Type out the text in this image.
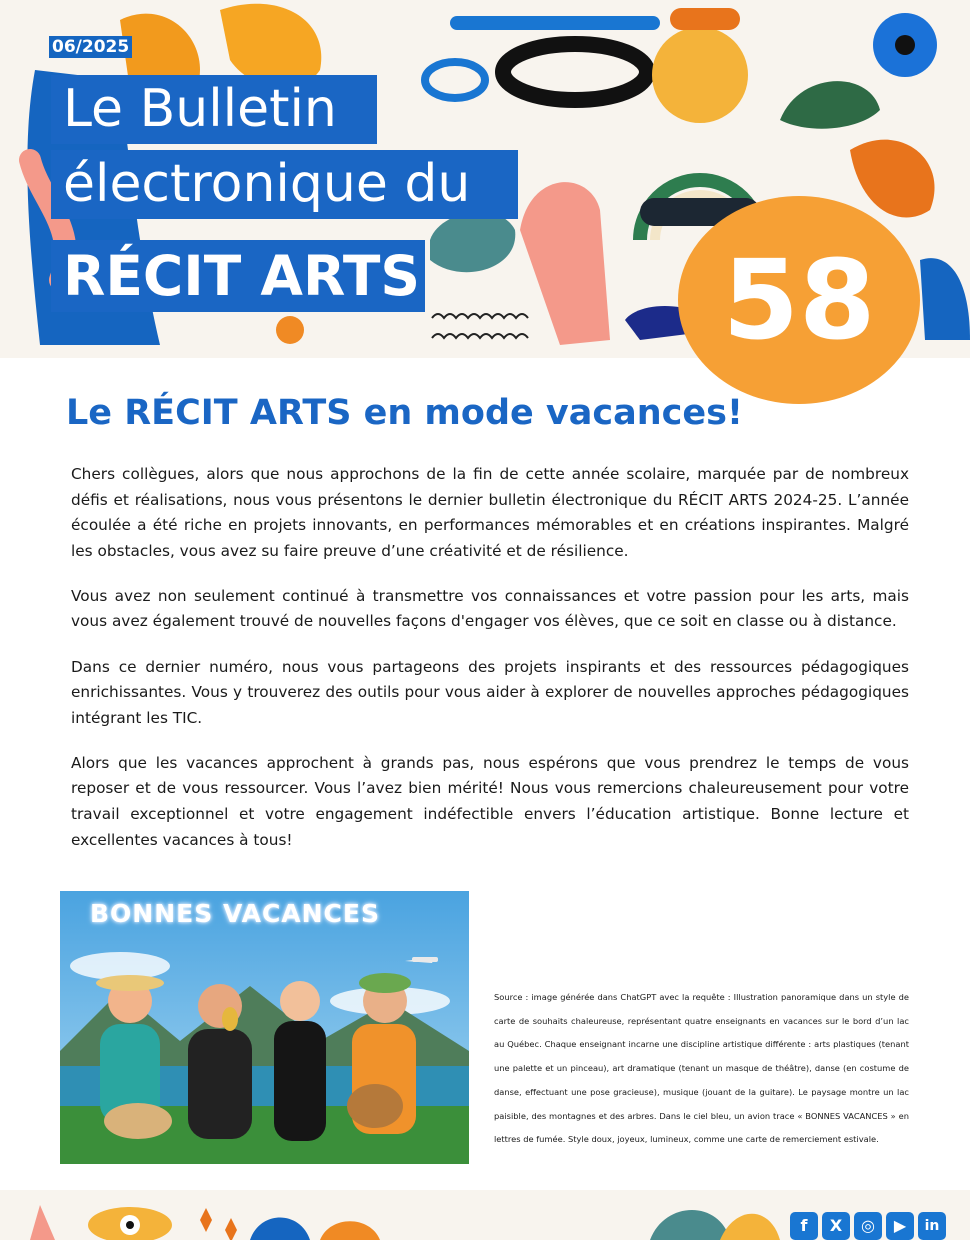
06/2025
Le Bulletin
électronique du
RÉCIT ARTS	58
Le RÉCIT ARTS en mode vacances!

Chers collègues, alors que nous approchons de la fin de cette année scolaire, marquée par de nombreux défis et réalisations, nous vous présentons le dernier bulletin électronique du RÉCIT ARTS 2024-25. L’année écoulée a été riche en projets innovants, en performances mémorables et en créations inspirantes. Malgré les obstacles, vous avez su faire preuve d’une créativité et de résilience.

Vous avez non seulement continué à transmettre vos connaissances et votre passion pour les arts, mais vous avez également trouvé de nouvelles façons d'engager vos élèves, que ce soit en classe ou à distance.

Dans ce dernier numéro, nous vous partageons des projets inspirants et des ressources pédagogiques enrichissantes. Vous y trouverez des outils pour vous aider à explorer de nouvelles approches pédagogiques intégrant les TIC.

Alors que les vacances approchent à grands pas, nous espérons que vous prendrez le temps de vous reposer et de vous ressourcer. Vous l’avez bien mérité! Nous vous remercions chaleureusement pour votre travail exceptionnel et votre engagement indéfectible envers l’éducation artistique. Bonne lecture et excellentes vacances à tous!

BONNES VACANCES

Source : image générée dans ChatGPT avec la requête : Illustration panoramique dans un style de carte de souhaits chaleureuse, représentant quatre enseignants en vacances sur le bord d’un lac au Québec. Chaque enseignant incarne une discipline artistique différente : arts plastiques (tenant une palette et un pinceau), art dramatique (tenant un masque de théâtre), danse (en costume de danse, effectuant une pose gracieuse), musique (jouant de la guitare). Le paysage montre un lac paisible, des montagnes et des arbres. Dans le ciel bleu, un avion trace « BONNES VACANCES » en lettres de fumée. Style doux, joyeux, lumineux, comme une carte de remerciement estivale.

f	X	◎	▶	in
